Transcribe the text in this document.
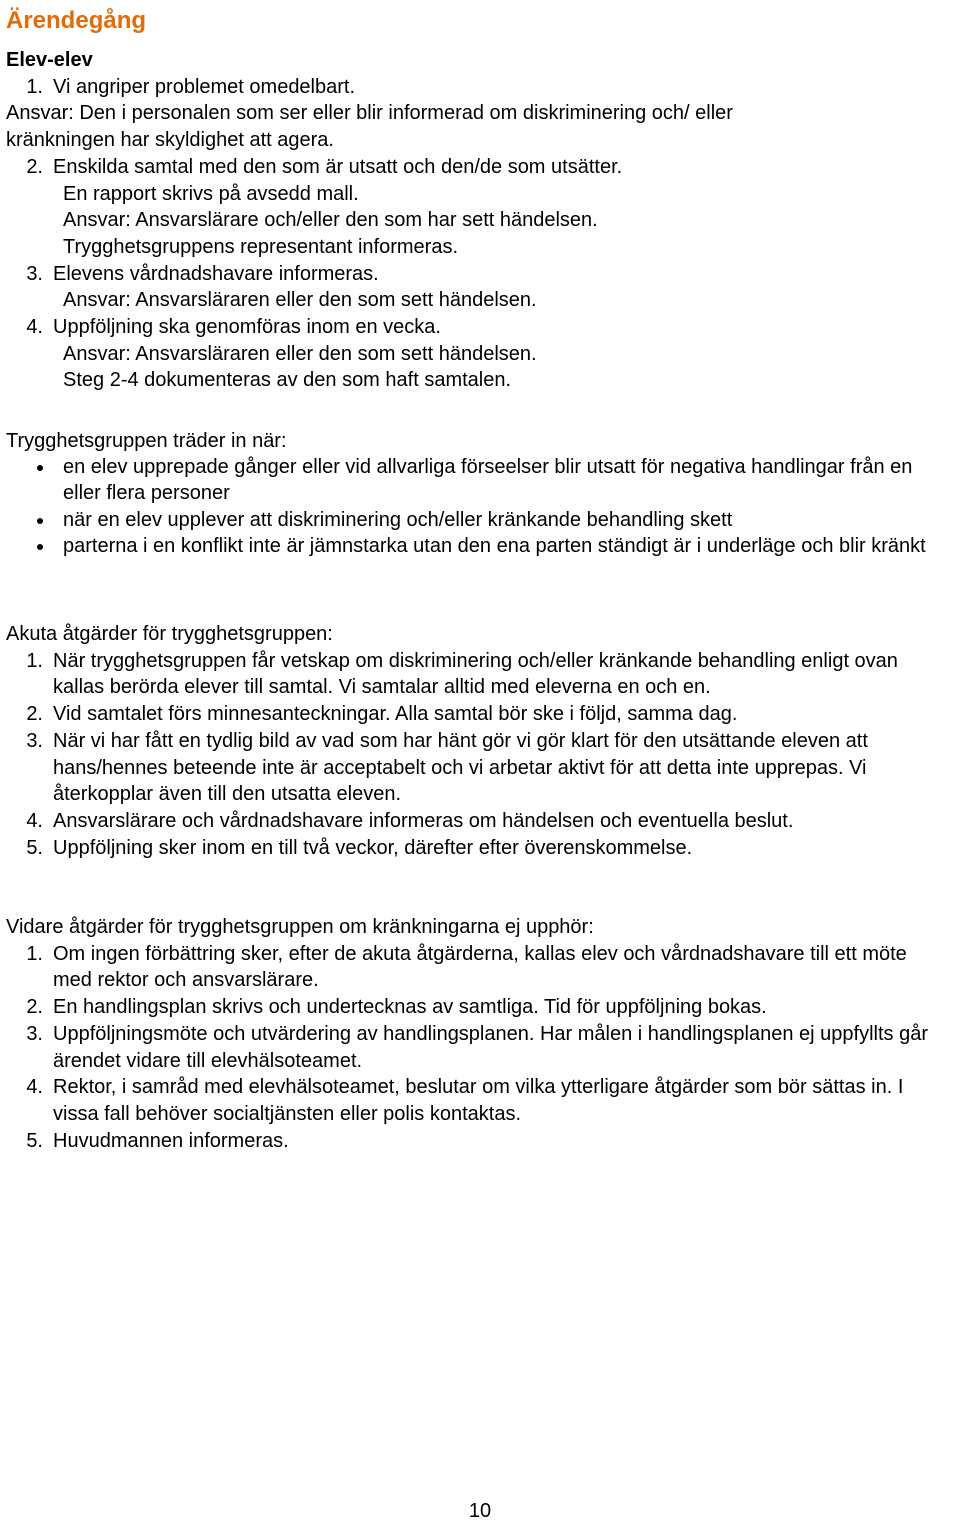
Ärendegång
Elev-elev
1. Vi angriper problemet omedelbart.
Ansvar: Den i personalen som ser eller blir informerad om diskriminering och/ eller
kränkningen har skyldighet att agera.
2. Enskilda samtal med den som är utsatt och den/de som utsätter.
En rapport skrivs på avsedd mall.
Ansvar: Ansvarslärare och/eller den som har sett händelsen.
Trygghetsgruppens representant informeras.
3. Elevens vårdnadshavare informeras.
Ansvar: Ansvarsläraren eller den som sett händelsen.
4. Uppföljning ska genomföras inom en vecka.
Ansvar: Ansvarsläraren eller den som sett händelsen.
Steg 2-4 dokumenteras av den som haft samtalen.
Trygghetsgruppen träder in när:
en elev upprepade gånger eller vid allvarliga förseelser blir utsatt för negativa handlingar från en eller flera personer
när en elev upplever att diskriminering och/eller kränkande behandling skett
parterna i en konflikt inte är jämnstarka utan den ena parten ständigt är i underläge och blir kränkt
Akuta åtgärder för trygghetsgruppen:
1. När trygghetsgruppen får vetskap om diskriminering och/eller kränkande behandling enligt ovan kallas berörda elever till samtal. Vi samtalar alltid med eleverna en och en.
2. Vid samtalet förs minnesanteckningar. Alla samtal bör ske i följd, samma dag.
3. När vi har fått en tydlig bild av vad som har hänt gör vi gör klart för den utsättande eleven att hans/hennes beteende inte är acceptabelt och vi arbetar aktivt för att detta inte upprepas. Vi återkopplar även till den utsatta eleven.
4. Ansvarslärare och vårdnadshavare informeras om händelsen och eventuella beslut.
5. Uppföljning sker inom en till två veckor, därefter efter överenskommelse.
Vidare åtgärder för trygghetsgruppen om kränkningarna ej upphör:
1. Om ingen förbättring sker, efter de akuta åtgärderna, kallas elev och vårdnadshavare till ett möte med rektor och ansvarslärare.
2. En handlingsplan skrivs och undertecknas av samtliga. Tid för uppföljning bokas.
3. Uppföljningsmöte och utvärdering av handlingsplanen. Har målen i handlingsplanen ej uppfyllts går ärendet vidare till elevhälsoteamet.
4. Rektor, i samråd med elevhälsoteamet, beslutar om vilka ytterligare åtgärder som bör sättas in. I vissa fall behöver socialtjänsten eller polis kontaktas.
5. Huvudmannen informeras.
10
